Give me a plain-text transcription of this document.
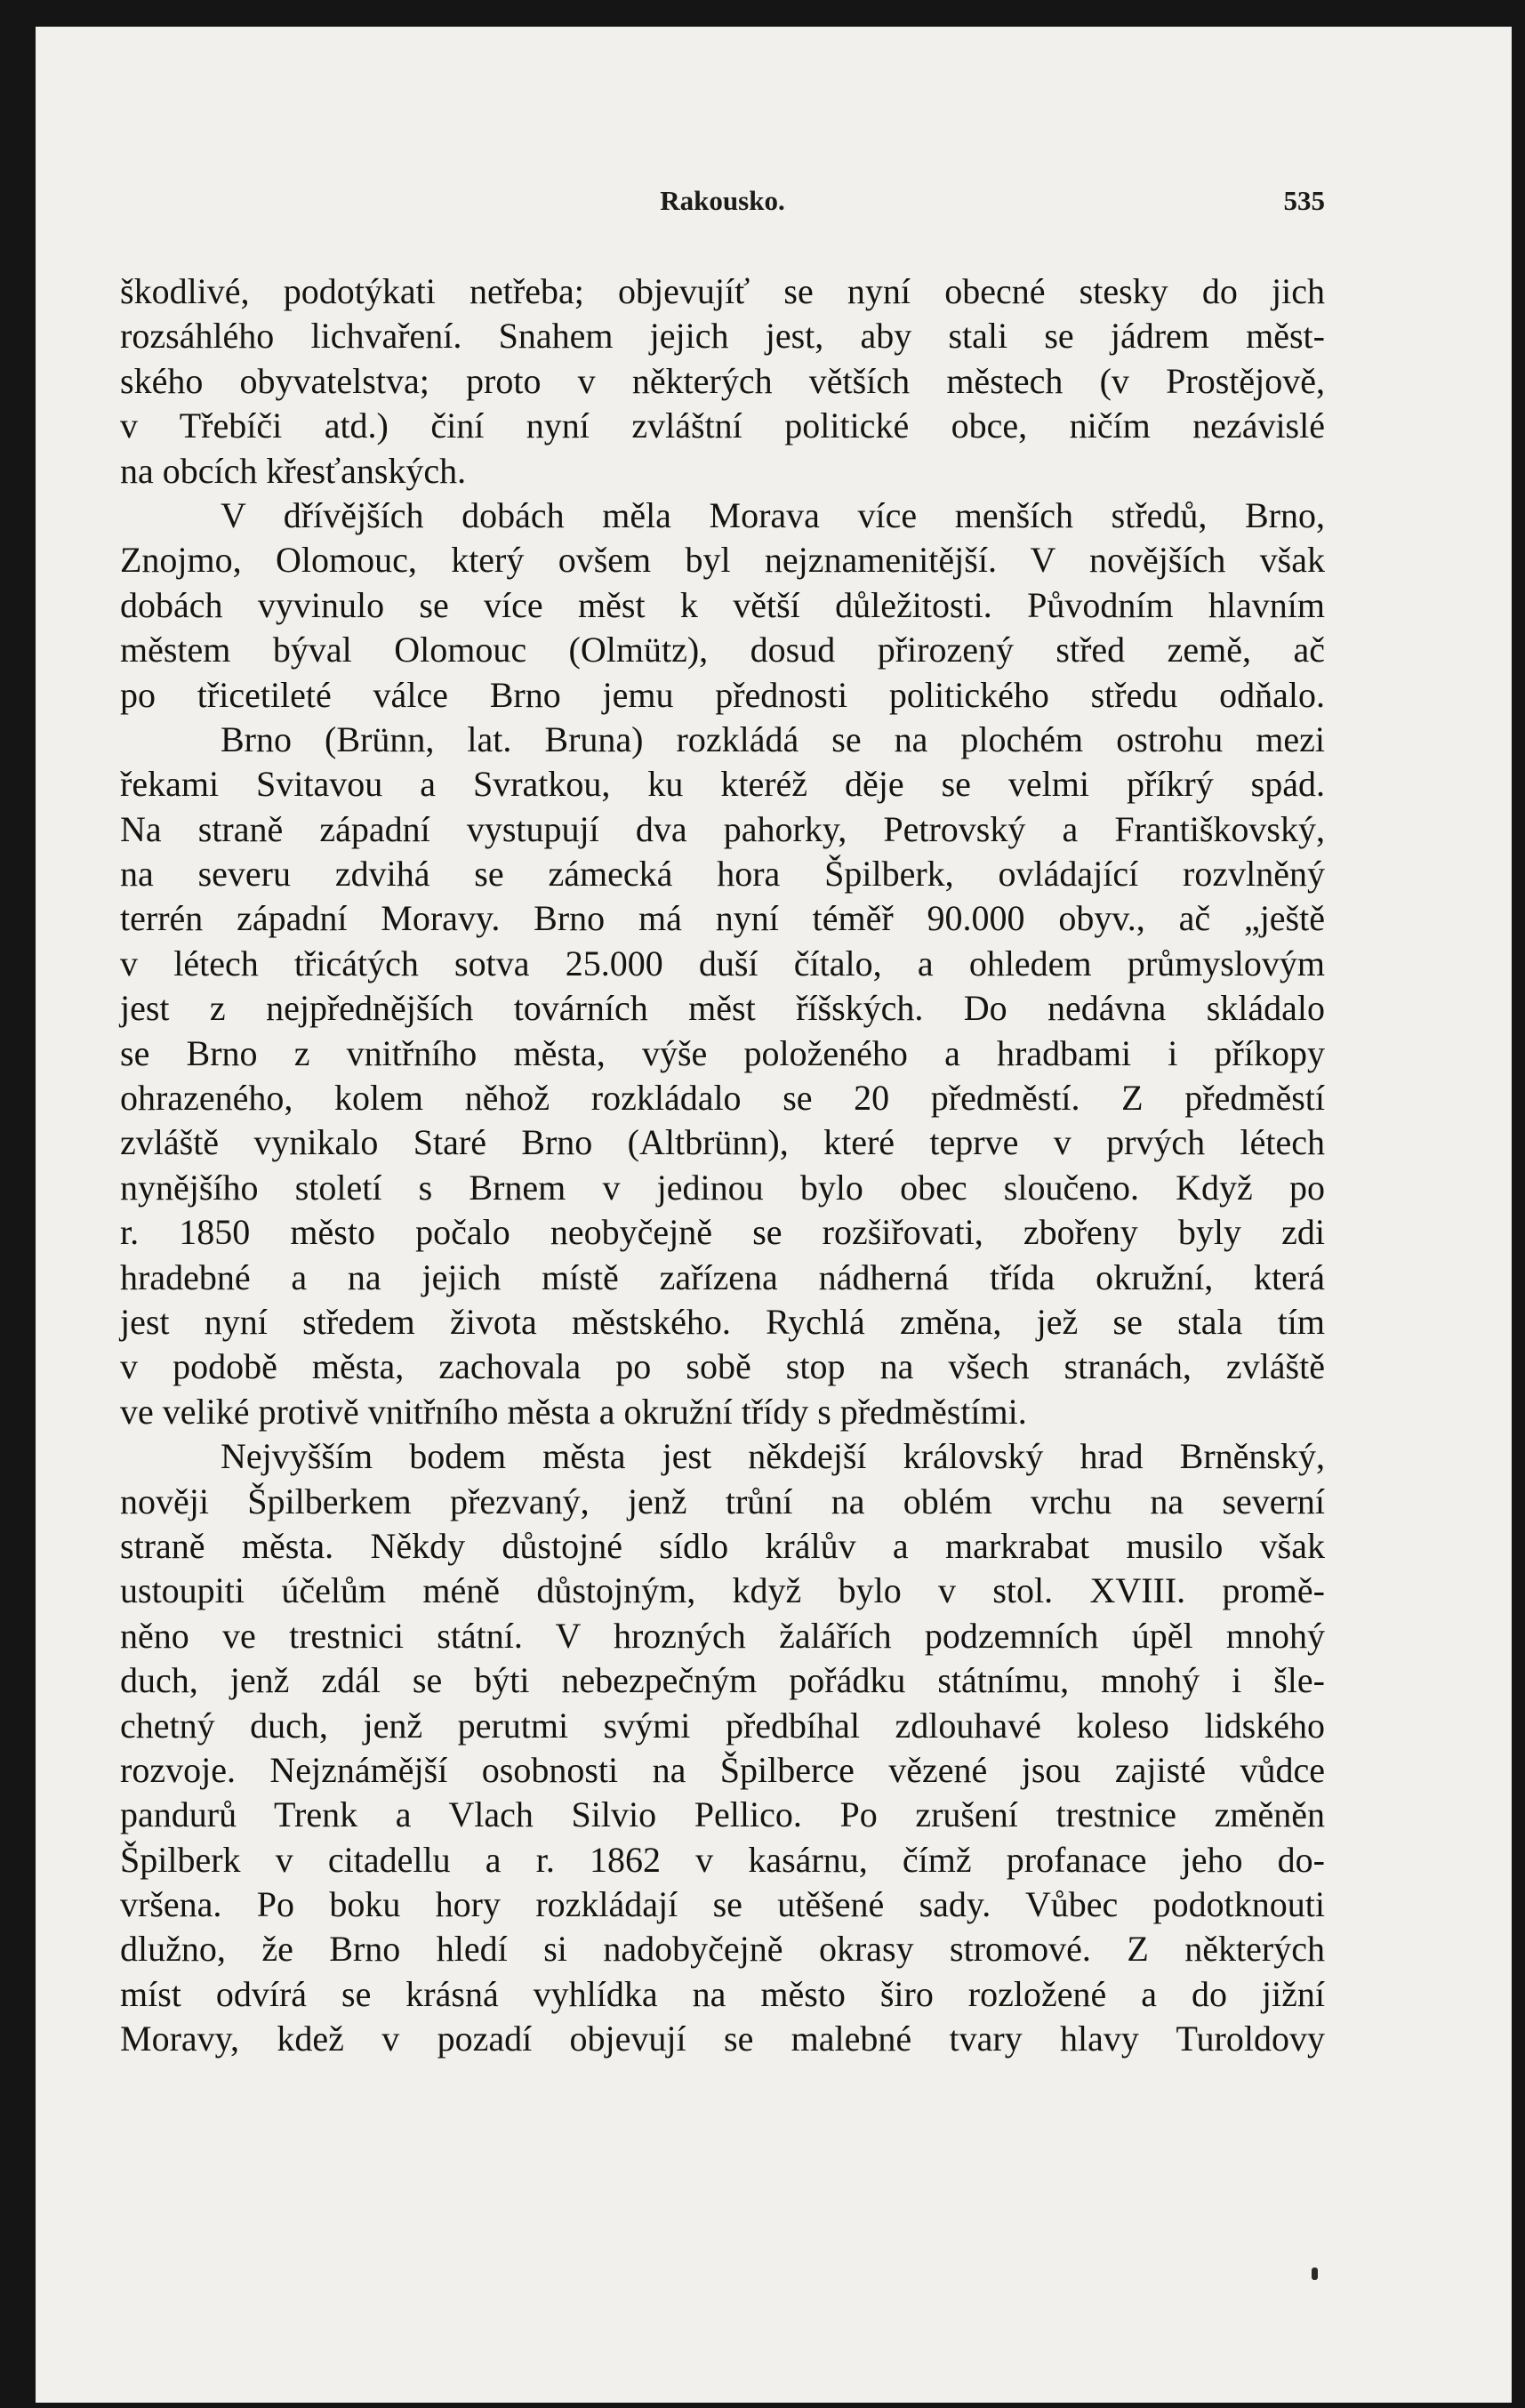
Rakousko.	535
škodlivé, podotýkati netřeba; objevujíť se nyní obecné stesky do jich
rozsáhlého lichvaření. Snahem jejich jest, aby stali se jádrem měst-
ského obyvatelstva; proto v některých větších městech (v Prostějově,
v Třebíči atd.) činí nyní zvláštní politické obce, ničím nezávislé
na obcích křesťanských.
V dřívějších dobách měla Morava více menších středů, Brno,
Znojmo, Olomouc, který ovšem byl nejznamenitější. V novějších však
dobách vyvinulo se více měst k větší důležitosti. Původním hlavním
městem býval Olomouc (Olmütz), dosud přirozený střed země, ač
po třicetileté válce Brno jemu přednosti politického středu odňalo.
Brno (Brünn, lat. Bruna) rozkládá se na plochém ostrohu mezi
řekami Svitavou a Svratkou, ku kteréž děje se velmi příkrý spád.
Na straně západní vystupují dva pahorky, Petrovský a Františkovský,
na severu zdvihá se zámecká hora Špilberk, ovládající rozvlněný
terrén západní Moravy. Brno má nyní téměř 90.000 obyv., ač „ještě
v létech třicátých sotva 25.000 duší čítalo, a ohledem průmyslovým
jest z nejpřednějších továrních měst říšských. Do nedávna skládalo
se Brno z vnitřního města, výše položeného a hradbami i příkopy
ohrazeného, kolem něhož rozkládalo se 20 předměstí. Z předměstí
zvláště vynikalo Staré Brno (Altbrünn), které teprve v prvých létech
nynějšího století s Brnem v jedinou bylo obec sloučeno. Když po
r. 1850 město počalo neobyčejně se rozšiřovati, zbořeny byly zdi
hradebné a na jejich místě zařízena nádherná třída okružní, která
jest nyní středem života městského. Rychlá změna, jež se stala tím
v podobě města, zachovala po sobě stop na všech stranách, zvláště
ve veliké protivě vnitřního města a okružní třídy s předměstími.
Nejvyšším bodem města jest někdejší královský hrad Brněnský,
nověji Špilberkem přezvaný, jenž trůní na oblém vrchu na severní
straně města. Někdy důstojné sídlo králův a markrabat musilo však
ustoupiti účelům méně důstojným, když bylo v stol. XVIII. promě-
něno ve trestnici státní. V hrozných žalářích podzemních úpěl mnohý
duch, jenž zdál se býti nebezpečným pořádku státnímu, mnohý i šle-
chetný duch, jenž perutmi svými předbíhal zdlouhavé koleso lidského
rozvoje. Nejznámější osobnosti na Špilberce vězené jsou zajisté vůdce
pandurů Trenk a Vlach Silvio Pellico. Po zrušení trestnice změněn
Špilberk v citadellu a r. 1862 v kasárnu, čímž profanace jeho do-
vršena. Po boku hory rozkládají se utěšené sady. Vůbec podotknouti
dlužno, že Brno hledí si nadobyčejně okrasy stromové. Z některých
míst odvírá se krásná vyhlídka na město širo rozložené a do jižní
Moravy, kdež v pozadí objevují se malebné tvary hlavy Turoldovy
